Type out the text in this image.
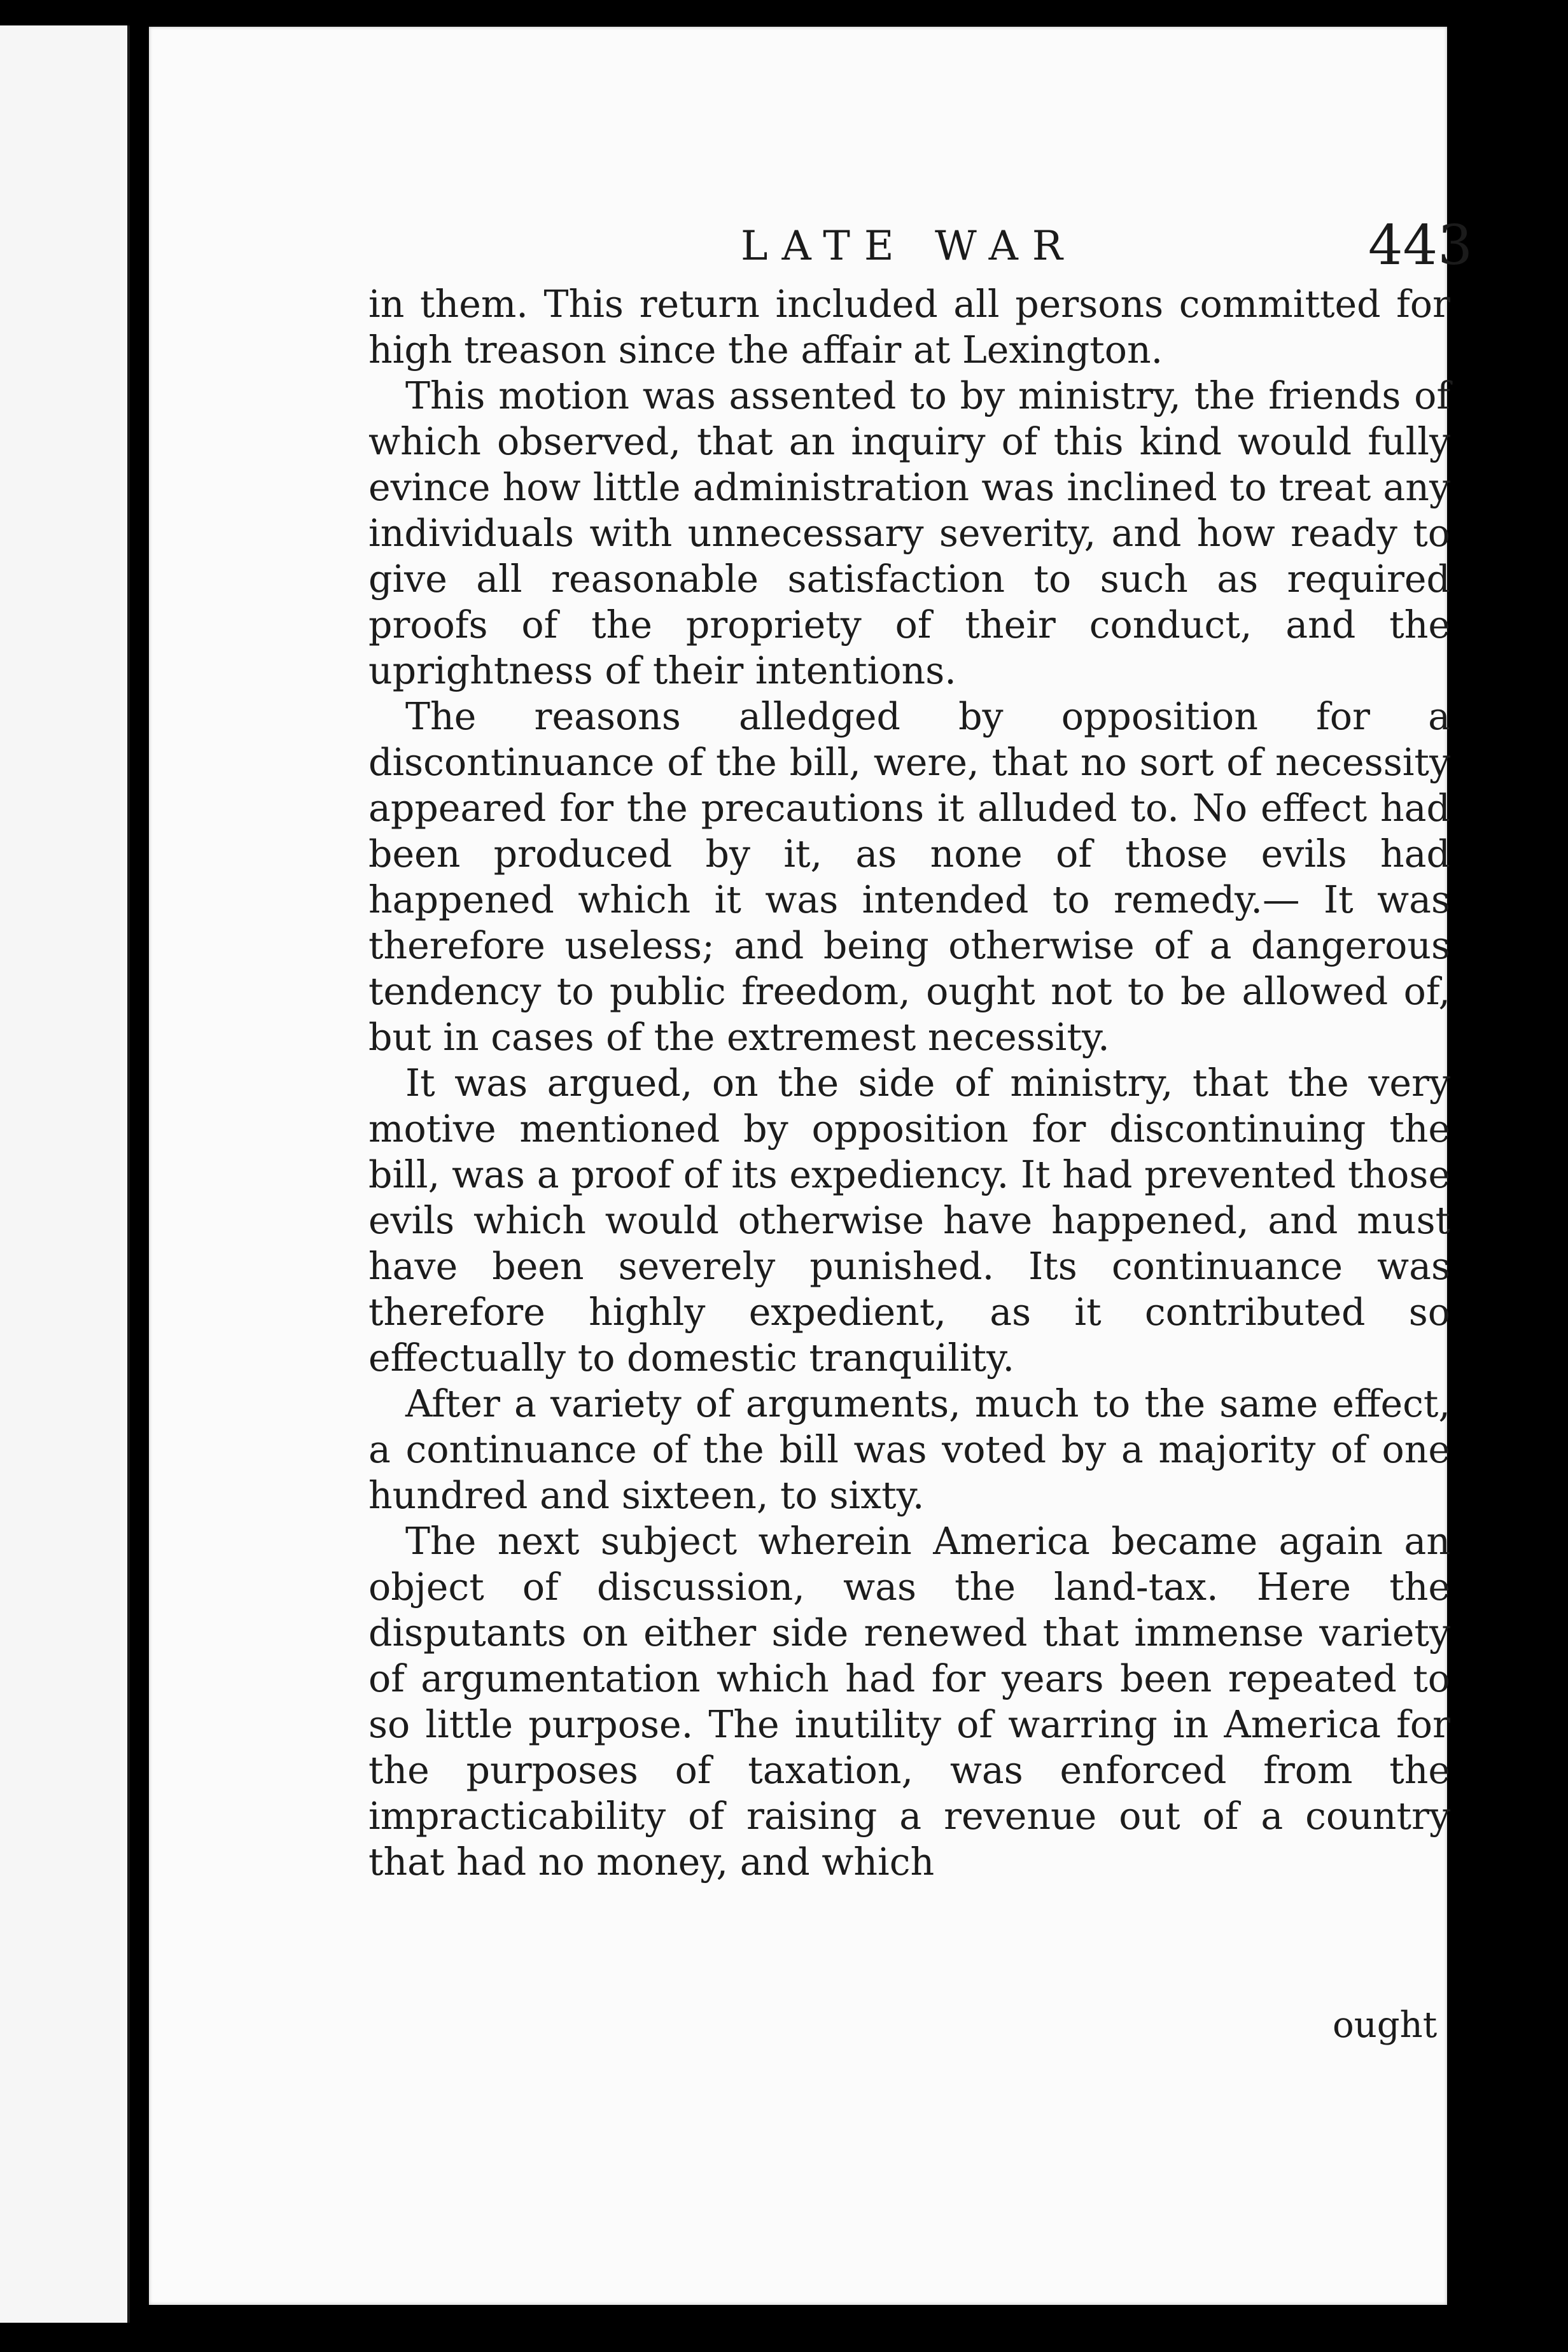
LATE WAR	443

in them. This return included all persons committed for high treason since the affair at Lexington.

This motion was assented to by ministry, the friends of which observed, that an inquiry of this kind would fully evince how little administration was inclined to treat any individuals with unnecessary severity, and how ready to give all reasonable satisfaction to such as required proofs of the propriety of their conduct, and the uprightness of their intentions.

The reasons alledged by opposition for a discontinuance of the bill, were, that no sort of necessity appeared for the precautions it alluded to. No effect had been produced by it, as none of those evils had happened which it was intended to remedy.— It was therefore useless; and being otherwise of a dangerous tendency to public freedom, ought not to be allowed of, but in cases of the extremest necessity.

It was argued, on the side of ministry, that the very motive mentioned by opposition for discontinuing the bill, was a proof of its expediency. It had prevented those evils which would otherwise have happened, and must have been severely punished. Its continuance was therefore highly expedient, as it contributed so effectually to domestic tranquility.

After a variety of arguments, much to the same effect, a continuance of the bill was voted by a majority of one hundred and sixteen, to sixty.

The next subject wherein America became again an object of discussion, was the land-tax. Here the disputants on either side renewed that immense variety of argumentation which had for years been repeated to so little purpose. The inutility of warring in America for the purposes of taxation, was enforced from the impracticability of raising a revenue out of a country that had no money, and which

ought
